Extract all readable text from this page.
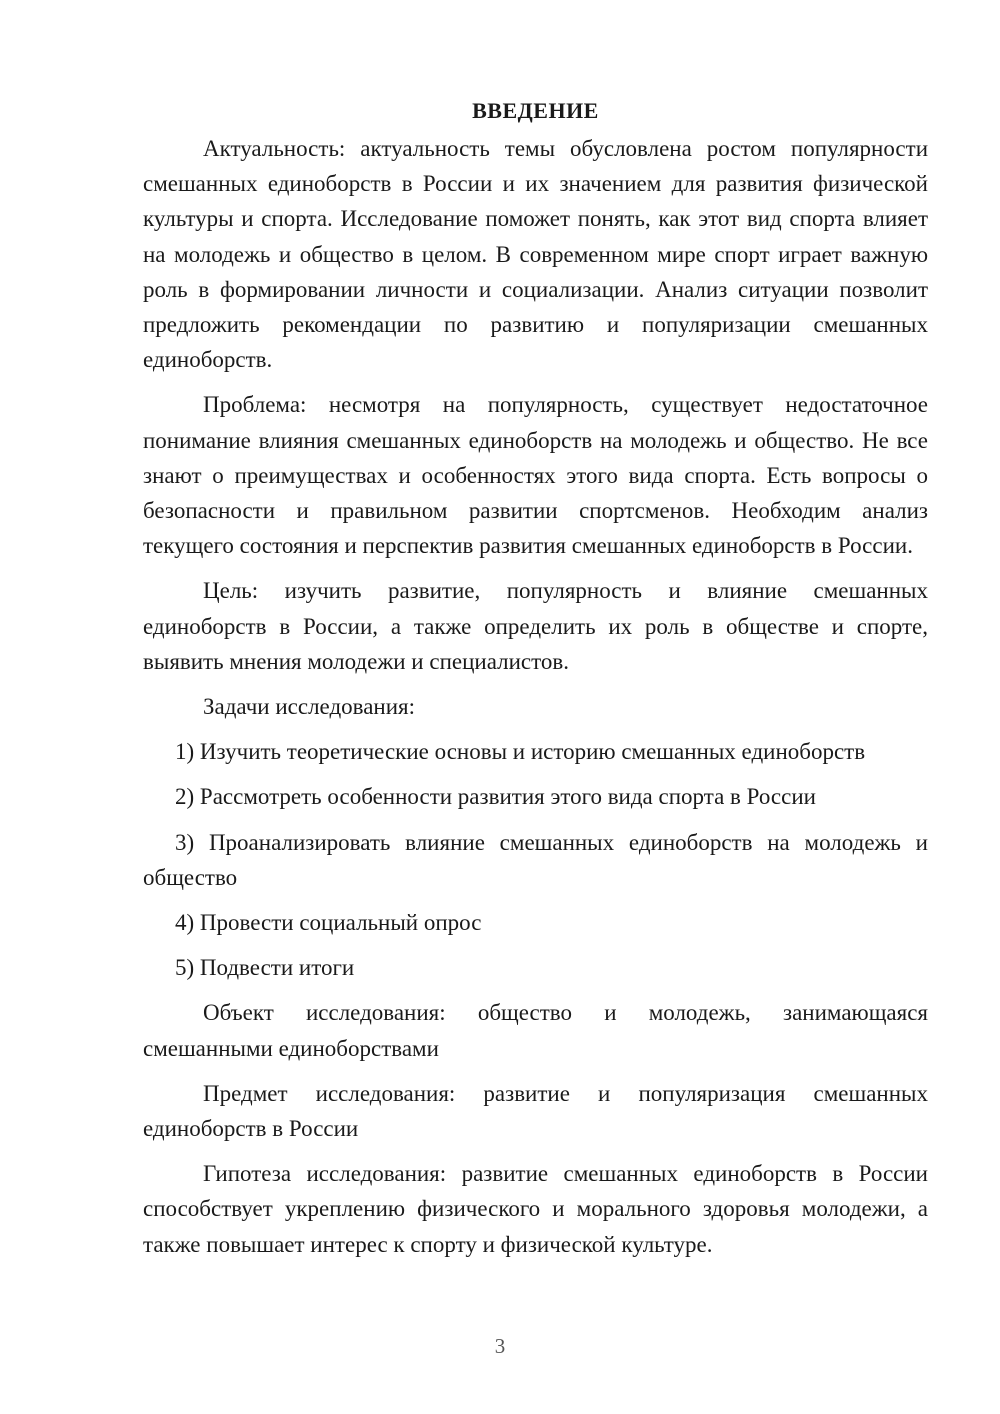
ВВЕДЕНИЕ

Актуальность: актуальность темы обусловлена ростом популярности смешанных единоборств в России и их значением для развития физической культуры и спорта. Исследование поможет понять, как этот вид спорта влияет на молодежь и общество в целом. В современном мире спорт играет важную роль в формировании личности и социализации. Анализ ситуации позволит предложить рекомендации по развитию и популяризации смешанных единоборств.

Проблема: несмотря на популярность, существует недостаточное понимание влияния смешанных единоборств на молодежь и общество. Не все знают о преимуществах и особенностях этого вида спорта. Есть вопросы о безопасности и правильном развитии спортсменов. Необходим анализ текущего состояния и перспектив развития смешанных единоборств в России.

Цель: изучить развитие, популярность и влияние смешанных единоборств в России, а также определить их роль в обществе и спорте, выявить мнения молодежи и специалистов.

Задачи исследования:

1) Изучить теоретические основы и историю смешанных единоборств

2) Рассмотреть особенности развития этого вида спорта в России

3) Проанализировать влияние смешанных единоборств на молодежь и общество

4) Провести социальный опрос

5) Подвести итоги

Объект исследования: общество и молодежь, занимающаяся смешанными единоборствами

Предмет исследования: развитие и популяризация смешанных единоборств в России

Гипотеза исследования: развитие смешанных единоборств в России способствует укреплению физического и морального здоровья молодежи, а также повышает интерес к спорту и физической культуре.

3
